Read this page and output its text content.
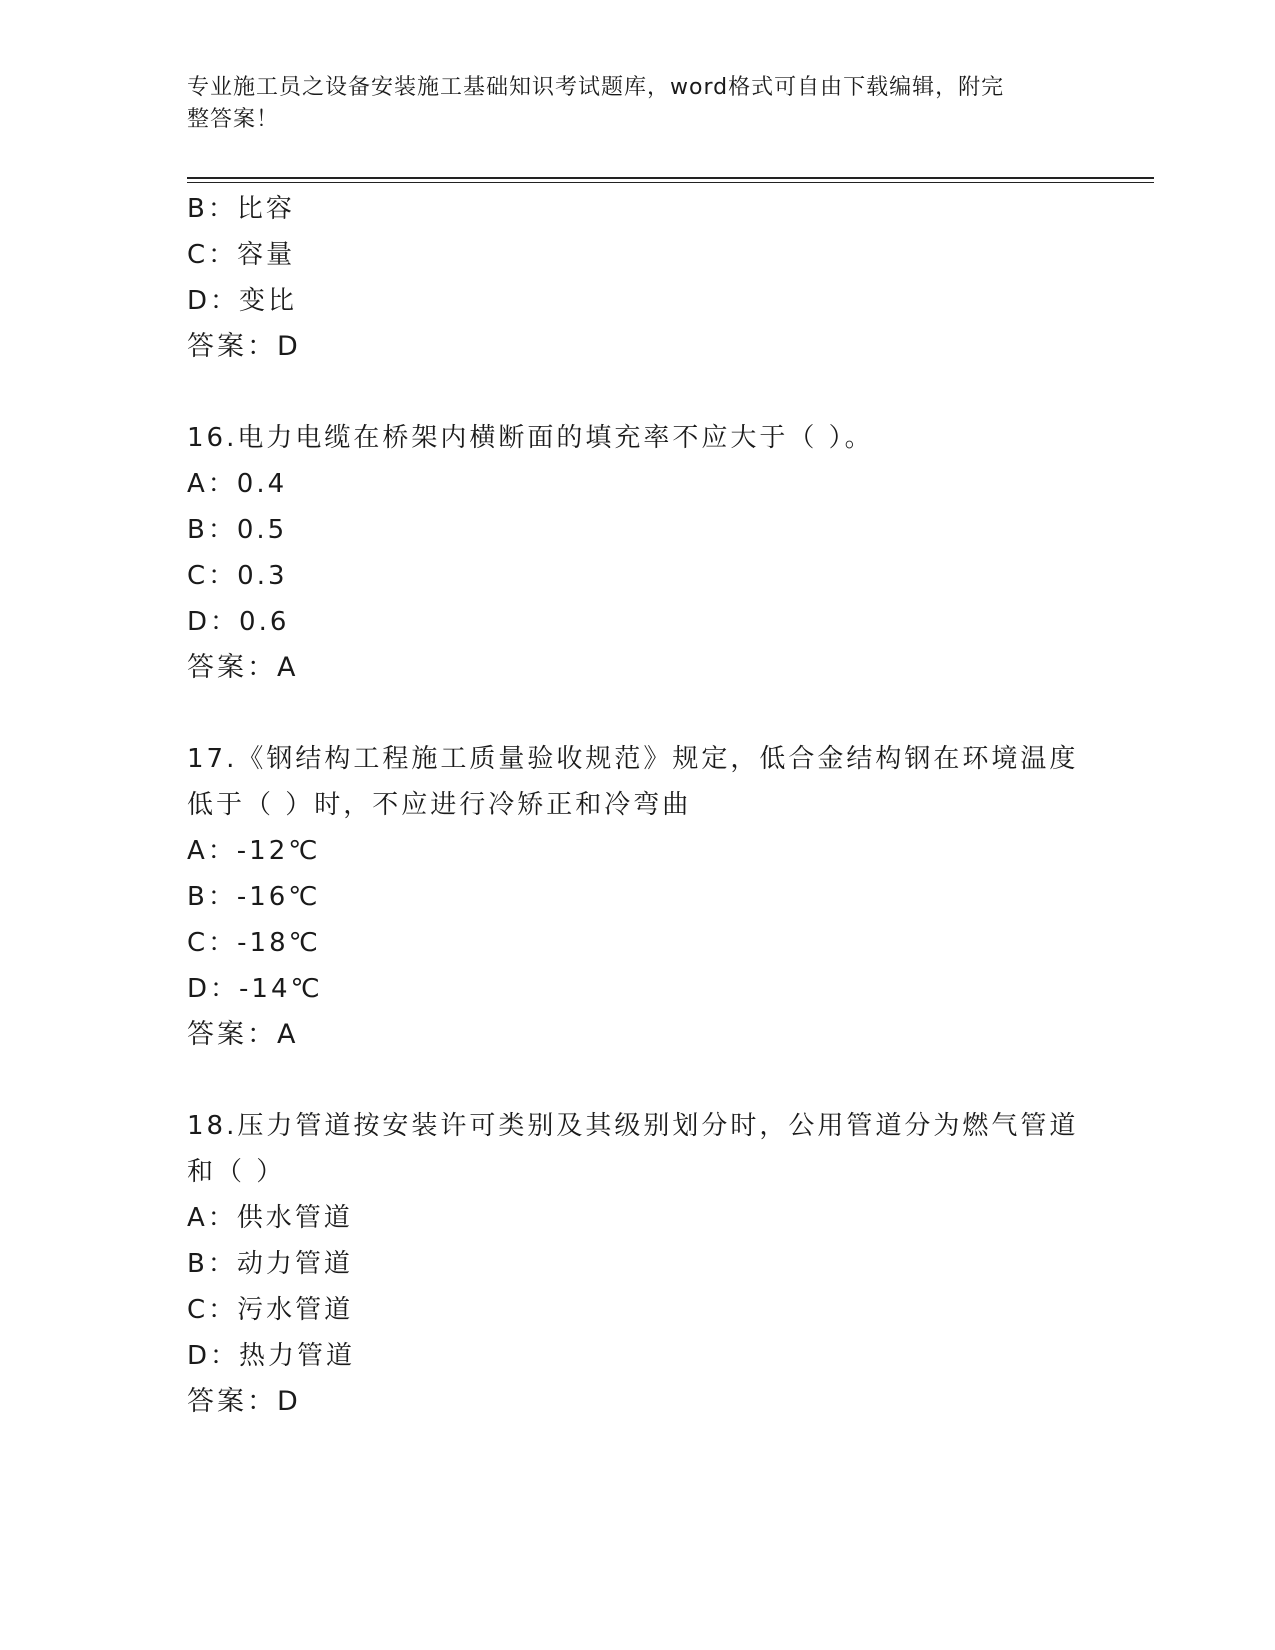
专业施工员之设备安装施工基础知识考试题库，word格式可自由下载编辑，附完
整答案！
B：比容
C：容量
D：变比
答案：D
16.电力电缆在桥架内横断面的填充率不应大于（ ）。
A：0.4
B：0.5
C：0.3
D：0.6
答案：A
17.《钢结构工程施工质量验收规范》规定，低合金结构钢在环境温度
低于（ ）时，不应进行冷矫正和冷弯曲
A：-12℃
B：-16℃
C：-18℃
D：-14℃
答案：A
18.压力管道按安装许可类别及其级别划分时，公用管道分为燃气管道
和（ ）
A：供水管道
B：动力管道
C：污水管道
D：热力管道
答案：D
